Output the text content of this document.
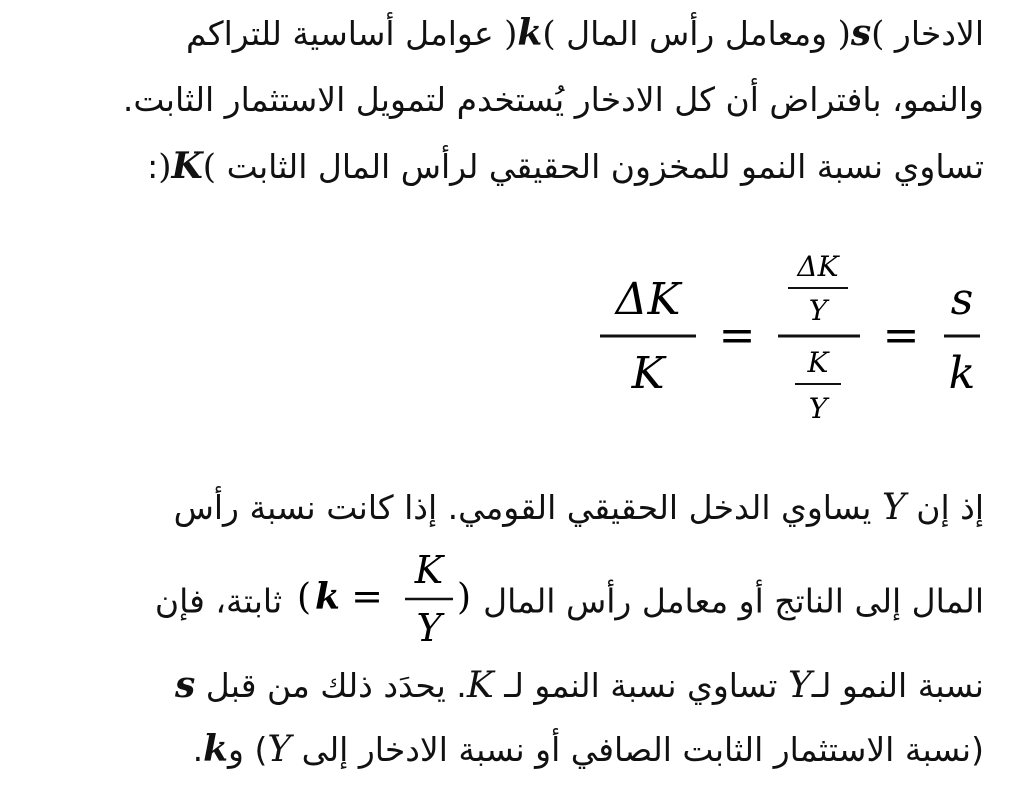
الادخار (s) ومعامل رأس المال (k) عوامل أساسية للتراكم
والنمو، بافتراض أن كل الادخار يُستخدم لتمويل الاستثمار الثابت.
تساوي نسبة النمو للمخزون الحقيقي لرأس المال الثابت (K):
ΔK
K
=
ΔK
Y
K
Y
=
s
k
إذ إن Y يساوي الدخل الحقيقي القومي. إذا كانت نسبة رأس
المال إلى الناتج أو معامل رأس المال
( k =
K
Y
)
ثابتة، فإن
نسبة النمو لـY تساوي نسبة النمو لـ K. يحدَد ذلك من قبل s
(نسبة الاستثمار الثابت الصافي أو نسبة الادخار إلى Y) وk.
